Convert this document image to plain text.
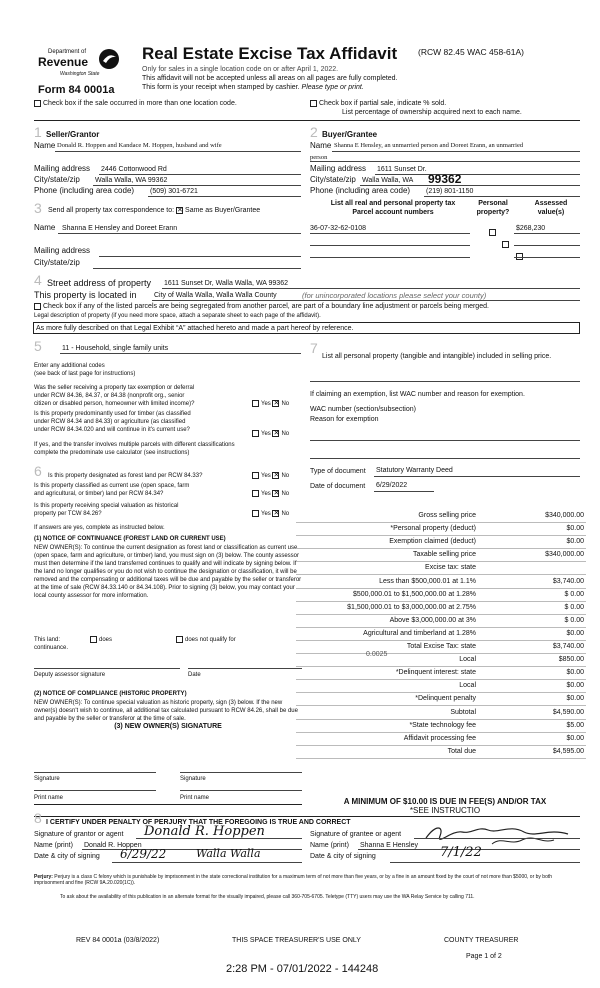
Department of
Revenue
Washington State
Form 84 0001a
Real Estate Excise Tax Affidavit (RCW 82.45 WAC 458-61A)
Only for sales in a single location code on or after April 1, 2022.
This affidavit will not be accepted unless all areas on all pages are fully completed.
This form is your receipt when stamped by cashier. Please type or print.
Check box if the sale occurred in more than one location code.	Check box if partial sale, indicate % sold.
List percentage of ownership acquired next to each name.
1 Seller/Grantor
Name Donald R. Hoppen and Kandace M. Hoppen, husband and wife
Mailing address 2446 Cottonwood Rd
City/state/zip Walla Walla, WA 99362
Phone (including area code) (509) 301-6721
2 Buyer/Grantee
Name Shanna E Hensley, an unmarried person and Doreet Erann, an unmarried
person
Mailing address 1611 Sunset Dr.
City/state/zip Walla Walla, WA 99362
Phone (including area code) (219) 801-1150
3 Send all property tax correspondence to: ✕ Same as Buyer/Grantee
Name Shanna E Hensley and Doreet Erann
Mailing address
City/state/zip
List all real and personal property tax
Parcel account numbers
Personal
property?
Assessed
value(s)
36-07-32-62-0108
	$268,230

4 Street address of property 1611 Sunset Dr, Walla Walla, WA 99362
This property is located in City of Walla Walla, Walla Walla County	(for unincorporated locations please select your county)
Check box if any of the listed parcels are being segregated from another parcel, are part of a boundary line adjustment or parcels being merged.
Legal description of property (if you need more space, attach a separate sheet to each page of the affidavit).
As more fully described on that Legal Exhibit “A” attached hereto and made a part hereof by reference.
5	11 - Household, single family units
Enter any additional codes
(see back of last page for instructions)
Was the seller receiving a property tax exemption or deferral
under RCW 84.36, 84.37, or 84.38 (nonprofit org., senior
citizen or disabled person, homeowner with limited income)?	Yes ✕ No
Is this property predominantly used for timber (as classified
under RCW 84.34 and 84.33) or agriculture (as classified
under RCW 84.34.020 and will continue in it's current use?
Yes ✕ No
If yes, and the transfer involves multiple parcels with different classifications
complete the predominate use calculator (see instructions)
6 Is this property designated as forest land per RCW 84.33?	Yes ✕ No
Is this property classified as current use (open space, farm
and agricultural, or timber) land per RCW 84.34?	Yes ✕ No
Is this property receiving special valuation as historical
property per TCW 84.26?	Yes ✕ No
If answers are yes, complete as instructed below.
(1) NOTICE OF CONTINUANCE (FOREST LAND OR CURRENT USE)
NEW OWNER(S): To continue the current designation as forest land or classification as current use (open space, farm and agriculture, or timber) land, you must sign on (3) below. The county assessor must then determine if the land transferred continues to qualify and will indicate by signing below. If the land no longer qualifies or you do not wish to continue the designation or classification, it will be removed and the compensating or additional taxes will be due and payable by the seller or transferor at the time of sale (RCW 84.33.140 or 84.34.108). Prior to signing (3) below, you may contact your local county assessor for more information.
This land:
continuance.
does	does not qualify for
Deputy assessor signature	Date
(2) NOTICE OF COMPLIANCE (HISTORIC PROPERTY)
NEW OWNER(S): To continue special valuation as historic property, sign (3) below. If the new owner(s) doesn't wish to continue, all additional tax calculated pursuant to RCW 84.26, shall be due and payable by the seller or transferor at the time of sale.
(3) NEW OWNER(S) SIGNATURE
Signature	Signature
Print name	Print name
7
List all personal property (tangible and intangible) included in selling price.
If claiming an exemption, list WAC number and reason for exemption.
WAC number (section/subsection)
Reason for exemption
Type of document Statutory Warranty Deed
Date of document 6/29/2022
Gross selling price	$340,000.00
*Personal property (deduct)	$0.00
Exemption claimed (deduct)	$0.00
Taxable selling price	$340,000.00
Excise tax: state
Less than $500,000.01 at 1.1%	$3,740.00
$500,000.01 to $1,500,000.00 at 1.28%	$ 0.00
$1,500,000.01 to $3,000,000.00 at 2.75%	$ 0.00
Above $3,000,000.00 at 3%	$ 0.00
Agricultural and timberland at 1.28%	$0.00
Total Excise Tax: state	$3,740.00
Local	$850.00
*Delinquent interest: state	$0.00
Local	$0.00
*Delinquent penalty	$0.00
Subtotal	$4,590.00
*State technology fee	$5.00
Affidavit processing fee	$0.00
Total due	$4,595.00
0.0025
A MINIMUM OF $10.00 IS DUE IN FEE(S) AND/OR TAX
*SEE INSTRUCTIO
8 I CERTIFY UNDER PENALTY OF PERJURY THAT THE FOREGOING IS TRUE AND CORRECT
Signature of grantor or agent Donald R. Hoppen
Name (print) Donald R. Hoppen
Date & city of signing 6/29/22	Walla Walla
Signature of grantee or agent
Name (print) Shanna E Hensley
Date & city of signing	7/1/22
Perjury: Perjury is a class C felony which is punishable by imprisonment in the state correctional institution for a maximum term of not more than five years, or by a fine in an amount fixed by the court of not more than $5000, or by both imprisonment and fine (RCW 9A.20.020(1C)).
To ask about the availability of this publication in an alternate format for the visually impaired, please call 360-705-6705. Teletype (TTY) users may use the WA Relay Service by calling 711.
REV 84 0001a (03/8/2022)	THIS SPACE TREASURER'S USE ONLY	COUNTY TREASURER
Page 1 of 2
2:28 PM - 07/01/2022 - 144248
